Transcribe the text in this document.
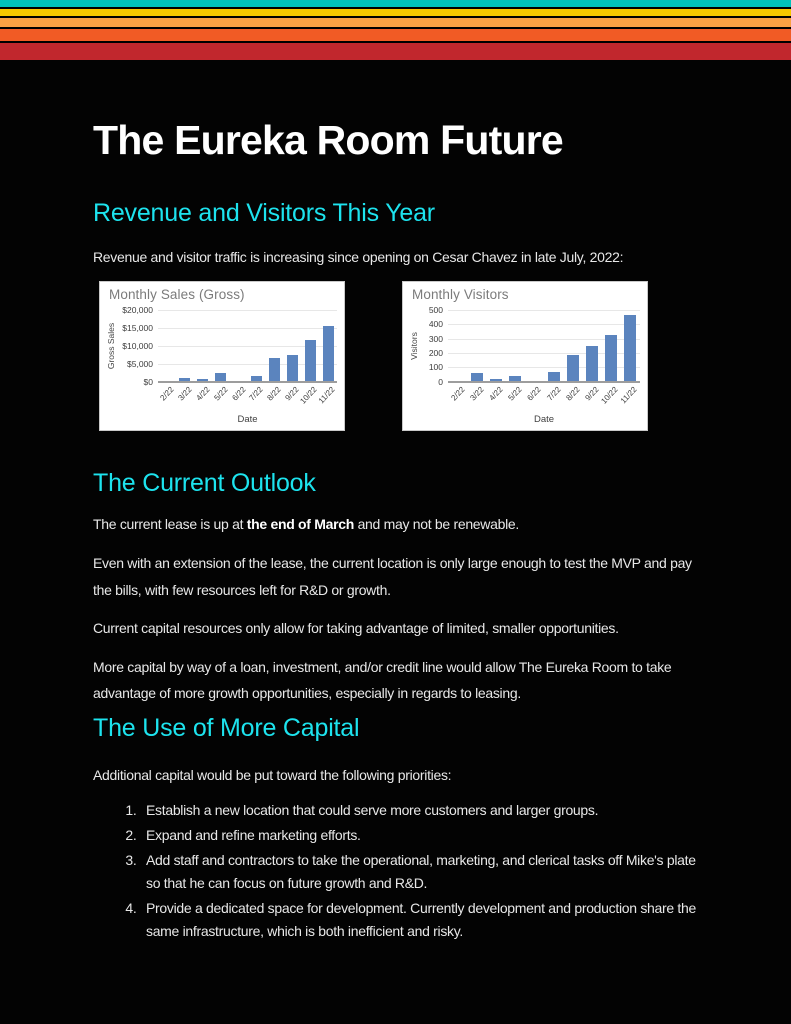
The Eureka Room Future
Revenue and Visitors This Year

Revenue and visitor traffic is increasing since opening on Cesar Chavez in late July, 2022:

Monthly Sales (Gross)
Gross Sales
$0
$5,000
$10,000
$15,000
$20,000
2/22 3/22 4/22 5/22 6/22 7/22 8/22 9/22
10/22
11/22
Date
Monthly Visitors
Visitors
0
100
200
300
400
500
2/22 3/22 4/22 5/22 6/22 7/22 8/22 9/22
10/22 11/22
Date
The Current Outlook

The current lease is up at the end of March and may not be renewable.

Even with an extension of the lease, the current location is only large enough to test the MVP and pay the bills, with few resources left for R&D or growth.

Current capital resources only allow for taking advantage of limited, smaller opportunities.

More capital by way of a loan, investment, and/or credit line would allow The Eureka Room to take advantage of more growth opportunities, especially in regards to leasing.

The Use of More Capital

Additional capital would be put toward the following priorities:

1. Establish a new location that could serve more customers and larger groups.
2. Expand and refine marketing efforts.
3. Add staff and contractors to take the operational, marketing, and clerical tasks off Mike's plate so that he can focus on future growth and R&D.
4. Provide a dedicated space for development. Currently development and production share the same infrastructure, which is both inefficient and risky.
